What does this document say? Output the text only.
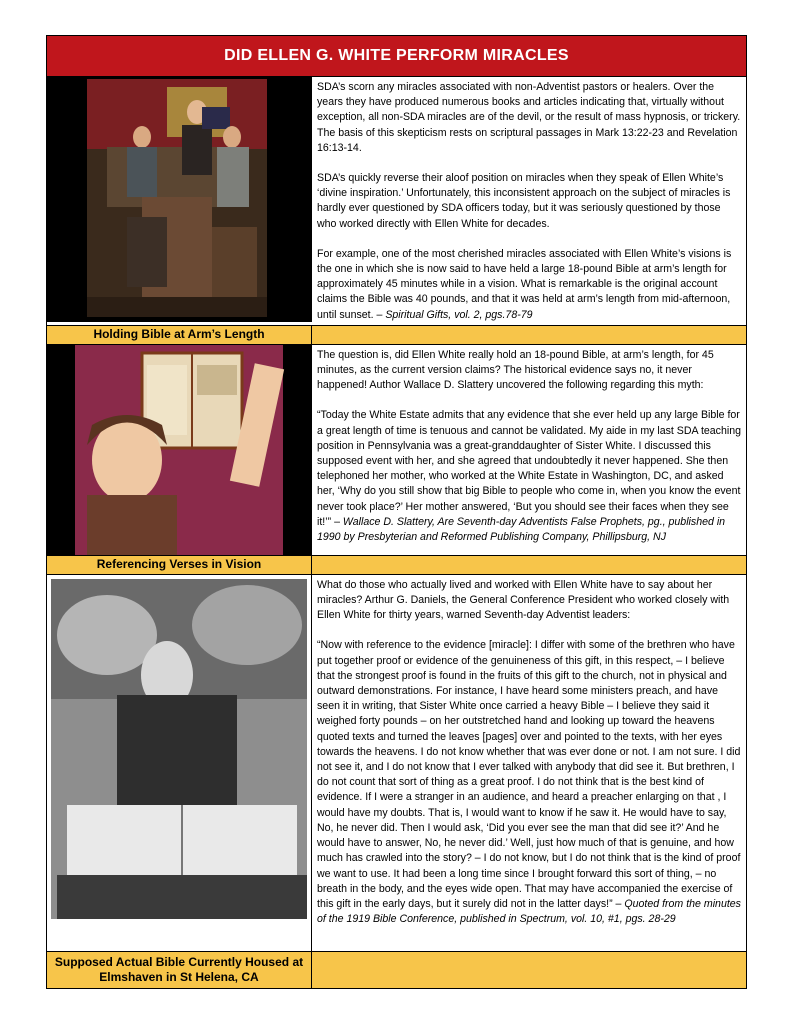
DID ELLEN G. WHITE PERFORM MIRACLES

SDA’s scorn any miracles associated with non-Adventist pastors or healers. Over the years they have produced numerous books and articles indicating that, virtually without exception, all non-SDA miracles are of the devil, or the result of mass hypnosis, or trickery. The basis of this skepticism rests on scriptural passages in Mark 13:22-23 and Revelation 16:13-14.

SDA’s quickly reverse their aloof position on miracles when they speak of Ellen White’s ‘divine inspiration.’ Unfortunately, this inconsistent approach on the subject of miracles is hardly ever questioned by SDA officers today, but it was seriously questioned by those who worked directly with Ellen White for decades.

For example, one of the most cherished miracles associated with Ellen White’s visions is the one in which she is now said to have held a large 18-pound Bible at arm’s length for approximately 45 minutes while in a vision. What is remarkable is the original account claims the Bible was 40 pounds, and that it was held at arm’s length from mid-afternoon, until sunset. – Spiritual Gifts, vol. 2, pgs.78-79

Holding Bible at Arm’s Length

The question is, did Ellen White really hold an 18-pound Bible, at arm’s length, for 45 minutes, as the current version claims? The historical evidence says no, it never happened! Author Wallace D. Slattery uncovered the following regarding this myth:

“Today the White Estate admits that any evidence that she ever held up any large Bible for a great length of time is tenuous and cannot be validated. My aide in my last SDA teaching position in Pennsylvania was a great-granddaughter of Sister White. I discussed this supposed event with her, and she agreed that undoubtedly it never happened. She then telephoned her mother, who worked at the White Estate in Washington, DC, and asked her, ‘Why do you still show that big Bible to people who come in, when you know the event never took place?’ Her mother answered, ‘But you should see their faces when they see it!’” – Wallace D. Slattery, Are Seventh-day Adventists False Prophets, pg., published in 1990 by Presbyterian and Reformed Publishing Company, Phillipsburg, NJ

Referencing Verses in Vision

What do those who actually lived and worked with Ellen White have to say about her miracles? Arthur G. Daniels, the General Conference President who worked closely with Ellen White for thirty years, warned Seventh-day Adventist leaders:

“Now with reference to the evidence [miracle]: I differ with some of the brethren who have put together proof or evidence of the genuineness of this gift, in this respect, – I believe that the strongest proof is found in the fruits of this gift to the church, not in physical and outward demonstrations. For instance, I have heard some ministers preach, and have seen it in writing, that Sister White once carried a heavy Bible – I believe they said it weighed forty pounds – on her outstretched hand and looking up toward the heavens quoted texts and turned the leaves [pages] over and pointed to the texts, with her eyes towards the heavens. I do not know whether that was ever done or not. I am not sure. I did not see it, and I do not know that I ever talked with anybody that did see it. But brethren, I do not count that sort of thing as a great proof. I do not think that is the best kind of evidence. If I were a stranger in an audience, and heard a preacher enlarging on that , I would have my doubts. That is, I would want to know if he saw it. He would have to say, No, he never did. Then I would ask, ‘Did you ever see the man that did see it?’ And he would have to answer, No, he never did.’ Well, just how much of that is genuine, and how much has crawled into the story? – I do not know, but I do not think that is the kind of proof we want to use. It had been a long time since I brought forward this sort of thing, – no breath in the body, and the eyes wide open. That may have accompanied the exercise of this gift in the early days, but it surely did not in the latter days!” – Quoted from the minutes of the 1919 Bible Conference, published in Spectrum, vol. 10, #1, pgs. 28-29

Supposed Actual Bible Currently Housed at Elmshaven in St Helena, CA
